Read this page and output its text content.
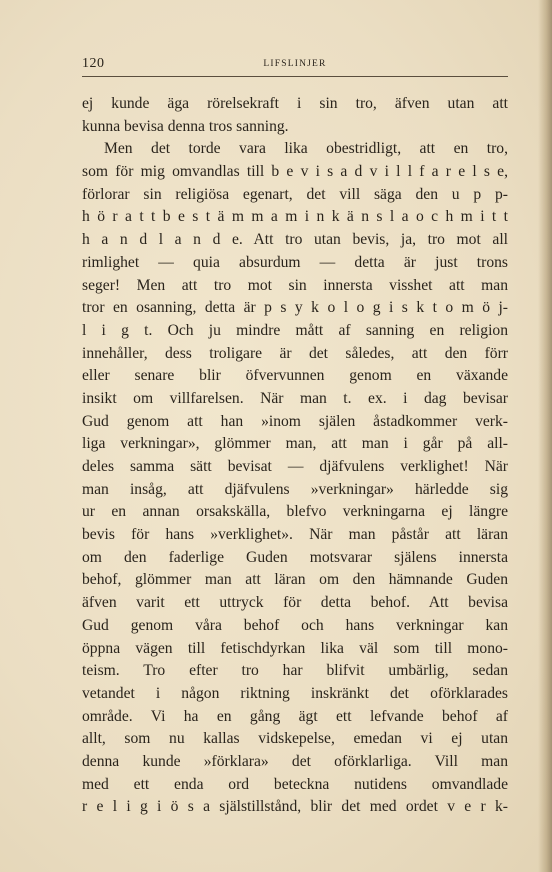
120	LIFSLINJER
ej kunde äga rörelsekraft i sin tro, äfven utan att
kunna bevisa denna tros sanning.
Men det torde vara lika obestridligt, att en tro,
som för mig omvandlas till b e v i s a d v i l l f a r e l s e,
förlorar sin religiösa egenart, det vill säga den u p p-
h ö r a t t b e s t ä m m a m i n k ä n s l a o c h m i t t
h a n d l a n d e. Att tro utan bevis, ja, tro mot all
rimlighet — quia absurdum — detta är just trons
seger! Men att tro mot sin innersta visshet att man
tror en osanning, detta är p s y k o l o g i s k t o m ö j-
l i g t. Och ju mindre mått af sanning en religion
innehåller, dess troligare är det således, att den förr
eller senare blir öfvervunnen genom en växande
insikt om villfarelsen. När man t. ex. i dag bevisar
Gud genom att han »inom själen åstadkommer verk-
liga verkningar», glömmer man, att man i går på all-
deles samma sätt bevisat — djäfvulens verklighet! När
man insåg, att djäfvulens »verkningar» härledde sig
ur en annan orsakskälla, blefvo verkningarna ej längre
bevis för hans »verklighet». När man påstår att läran
om den faderlige Guden motsvarar själens innersta
behof, glömmer man att läran om den hämnande Guden
äfven varit ett uttryck för detta behof. Att bevisa
Gud genom våra behof och hans verkningar kan
öppna vägen till fetischdyrkan lika väl som till mono-
teism. Tro efter tro har blifvit umbärlig, sedan
vetandet i någon riktning inskränkt det oförklarades
område. Vi ha en gång ägt ett lefvande behof af
allt, som nu kallas vidskepelse, emedan vi ej utan
denna kunde »förklara» det oförklarliga. Vill man
med ett enda ord beteckna nutidens omvandlade
r e l i g i ö s a själstillstånd, blir det med ordet v e r k-
